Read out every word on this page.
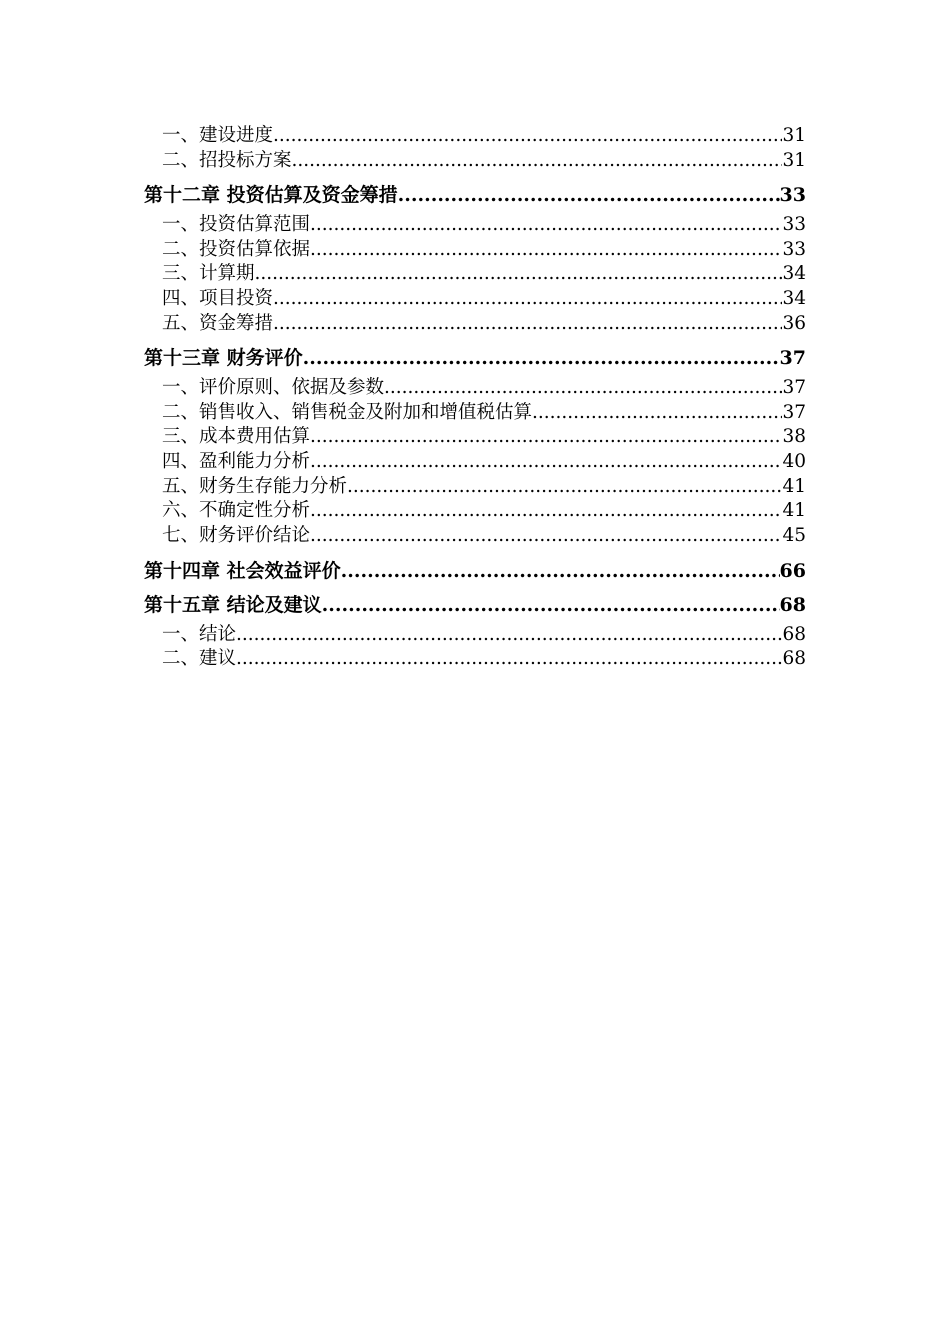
一、建设进度 .....	31
二、招投标方案 .....	31
第十二章 投资估算及资金筹措 .....	33
一、投资估算范围 .....	33
二、投资估算依据 .....	33
三、计算期 .....	34
四、项目投资 .....	34
五、资金筹措 .....	36
第十三章 财务评价 .....	37
一、评价原则、依据及参数 .....	37
二、销售收入、销售税金及附加和增值税估算 .....	37
三、成本费用估算 .....	38
四、盈利能力分析 .....	40
五、财务生存能力分析 .....	41
六、不确定性分析 .....	41
七、财务评价结论 .....	45
第十四章 社会效益评价 .....	66
第十五章 结论及建议 .....	68
一、结论 .....	68
二、建议 .....	68
